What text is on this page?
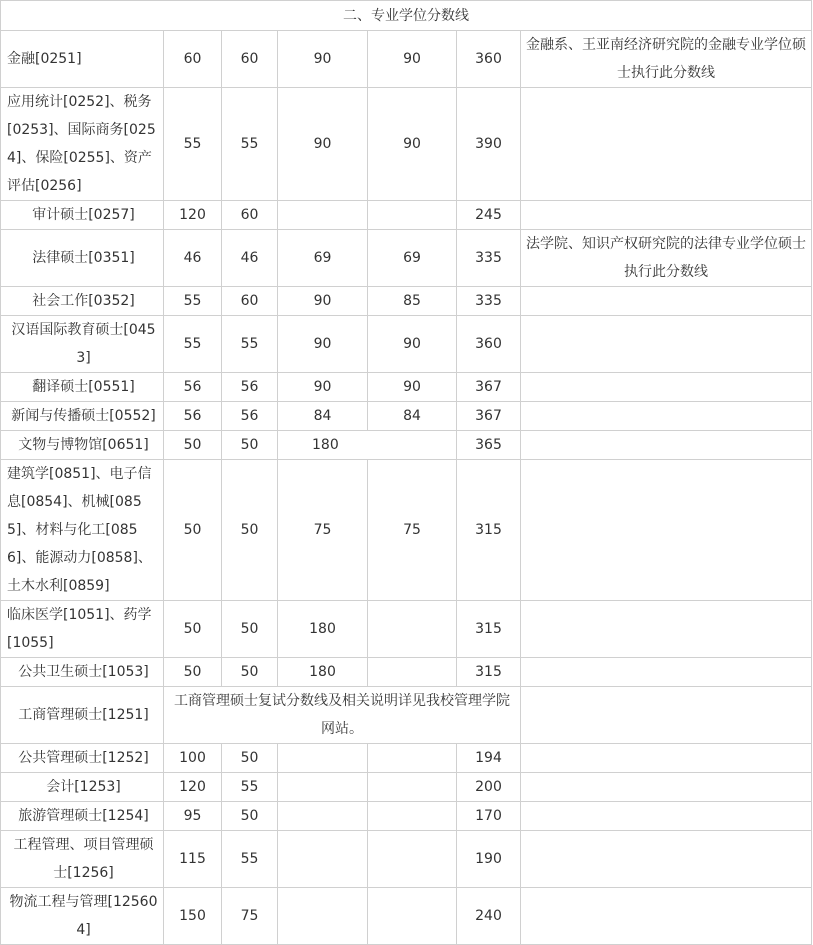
二、专业学位分数线						
金融[0251]	60	60	90	90	360	金融系、王亚南经济研究院的金融专业学位硕士执行此分数线
应用统计[0252]、税务[0253]、国际商务[0254]、保险[0255]、资产评估[0256]	55	55	90	90	390	
审计硕士[0257]	120	60			245	
法律硕士[0351]	46	46	69	69	335	法学院、知识产权研究院的法律专业学位硕士执行此分数线
社会工作[0352]	55	60	90	85	335	
汉语国际教育硕士[0453]	55	55	90	90	360	
翻译硕士[0551]	56	56	90	90	367	
新闻与传播硕士[0552]	56	56	84	84	367	
文物与博物馆[0651]	50	50	180		365	
建筑学[0851]、电子信息[0854]、机械[0855]、材料与化工[0856]、能源动力[0858]、土木水利[0859]	50	50	75	75	315	
临床医学[1051]、药学[1055]	50	50	180		315	
公共卫生硕士[1053]	50	50	180		315	
工商管理硕士[1251]	工商管理硕士复试分数线及相关说明详见我校管理学院网站。					
公共管理硕士[1252]	100	50			194	
会计[1253]	120	55			200	
旅游管理硕士[1254]	95	50			170	
工程管理、项目管理硕士[1256]	115	55			190	
物流工程与管理[125604]	150	75			240	
